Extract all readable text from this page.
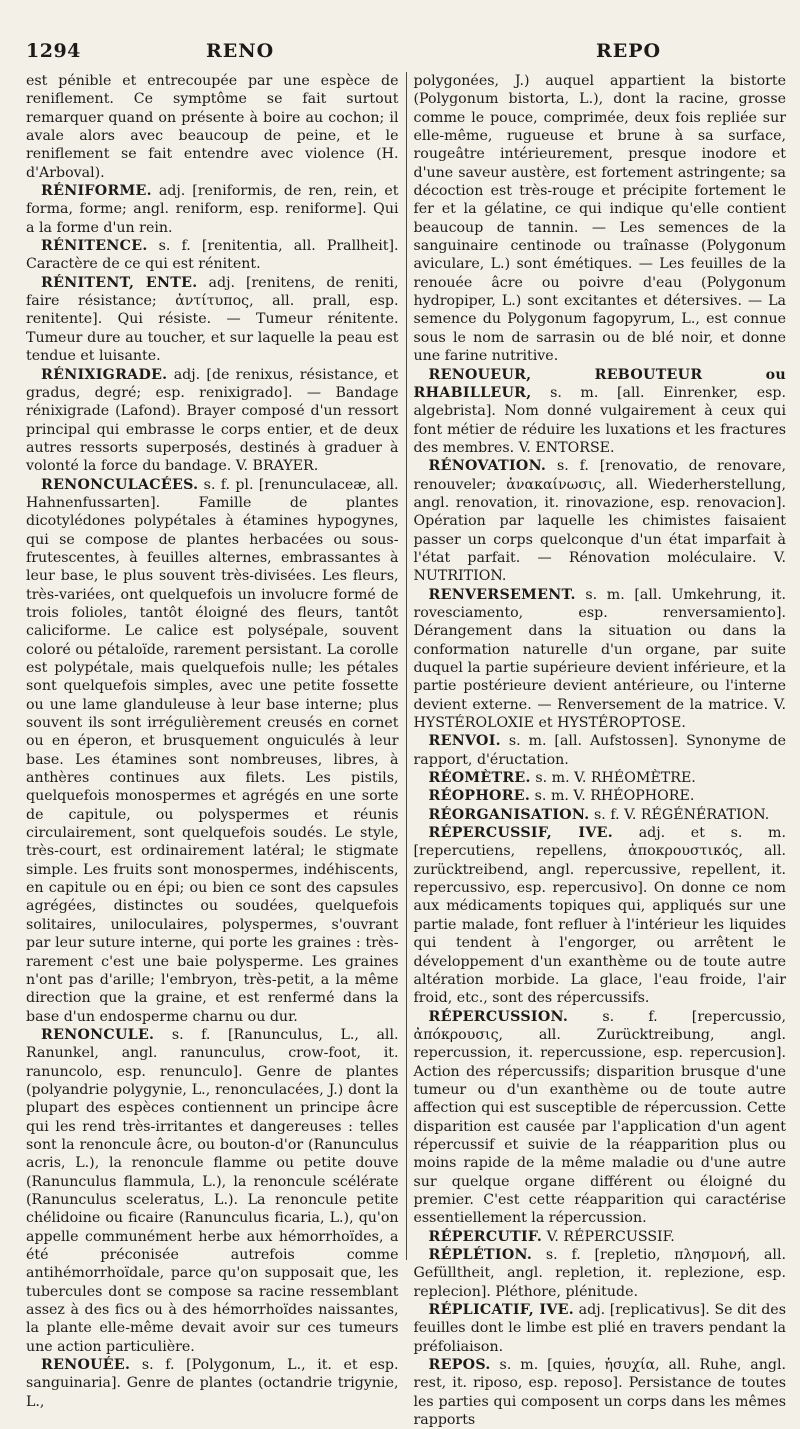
1294	RENO	REPO

est pénible et entrecoupée par une espèce de reniflement. Ce symptôme se fait surtout remarquer quand on présente à boire au cochon; il avale alors avec beaucoup de peine, et le reniflement se fait entendre avec violence (H. d'Arboval).

RÉNIFORME. adj. [reniformis, de ren, rein, et forma, forme; angl. reniform, esp. reniforme]. Qui a la forme d'un rein.

RÉNITENCE. s. f. [renitentia, all. Prallheit]. Caractère de ce qui est rénitent.

RÉNITENT, ENTE. adj. [renitens, de reniti, faire résistance; ἀντίτυπος, all. prall, esp. renitente]. Qui résiste. — Tumeur rénitente. Tumeur dure au toucher, et sur laquelle la peau est tendue et luisante.

RÉNIXIGRADE. adj. [de renixus, résistance, et gradus, degré; esp. renixigrado]. — Bandage rénixigrade (Lafond). Brayer composé d'un ressort principal qui embrasse le corps entier, et de deux autres ressorts superposés, destinés à graduer à volonté la force du bandage. V. BRAYER.

RENONCULACÉES. s. f. pl. [renunculaceæ, all. Hahnenfussarten]. Famille de plantes dicotylédones polypétales à étamines hypogynes, qui se compose de plantes herbacées ou sous-frutescentes, à feuilles alternes, embrassantes à leur base, le plus souvent très-divisées. Les fleurs, très-variées, ont quelquefois un involucre formé de trois folioles, tantôt éloigné des fleurs, tantôt caliciforme. Le calice est polysépale, souvent coloré ou pétaloïde, rarement persistant. La corolle est polypétale, mais quelquefois nulle; les pétales sont quelquefois simples, avec une petite fossette ou une lame glanduleuse à leur base interne; plus souvent ils sont irrégulièrement creusés en cornet ou en éperon, et brusquement onguiculés à leur base. Les étamines sont nombreuses, libres, à anthères continues aux filets. Les pistils, quelquefois monospermes et agrégés en une sorte de capitule, ou polyspermes et réunis circulairement, sont quelquefois soudés. Le style, très-court, est ordinairement latéral; le stigmate simple. Les fruits sont monospermes, indéhiscents, en capitule ou en épi; ou bien ce sont des capsules agrégées, distinctes ou soudées, quelquefois solitaires, uniloculaires, polyspermes, s'ouvrant par leur suture interne, qui porte les graines : très-rarement c'est une baie polysperme. Les graines n'ont pas d'arille; l'embryon, très-petit, a la même direction que la graine, et est renfermé dans la base d'un endosperme charnu ou dur.

RENONCULE. s. f. [Ranunculus, L., all. Ranunkel, angl. ranunculus, crow-foot, it. ranuncolo, esp. renunculo]. Genre de plantes (polyandrie polygynie, L., renonculacées, J.) dont la plupart des espèces contiennent un principe âcre qui les rend très-irritantes et dangereuses : telles sont la renoncule âcre, ou bouton-d'or (Ranunculus acris, L.), la renoncule flamme ou petite douve (Ranunculus flammula, L.), la renoncule scélérate (Ranunculus sceleratus, L.). La renoncule petite chélidoine ou ficaire (Ranunculus ficaria, L.), qu'on appelle communément herbe aux hémorrhoïdes, a été préconisée autrefois comme antihémorrhoïdale, parce qu'on supposait que, les tubercules dont se compose sa racine ressemblant assez à des fics ou à des hémorrhoïdes naissantes, la plante elle-même devait avoir sur ces tumeurs une action particulière.

RENOUÉE. s. f. [Polygonum, L., it. et esp. sanguinaria]. Genre de plantes (octandrie trigynie, L.,

polygonées, J.) auquel appartient la bistorte (Polygonum bistorta, L.), dont la racine, grosse comme le pouce, comprimée, deux fois repliée sur elle-même, rugueuse et brune à sa surface, rougeâtre intérieurement, presque inodore et d'une saveur austère, est fortement astringente; sa décoction est très-rouge et précipite fortement le fer et la gélatine, ce qui indique qu'elle contient beaucoup de tannin. — Les semences de la sanguinaire centinode ou traînasse (Polygonum aviculare, L.) sont émétiques. — Les feuilles de la renouée âcre ou poivre d'eau (Polygonum hydropiper, L.) sont excitantes et détersives. — La semence du Polygonum fagopyrum, L., est connue sous le nom de sarrasin ou de blé noir, et donne une farine nutritive.

RENOUEUR, REBOUTEUR ou RHABILLEUR, s. m. [all. Einrenker, esp. algebrista]. Nom donné vulgairement à ceux qui font métier de réduire les luxations et les fractures des membres. V. ENTORSE.

RÉNOVATION. s. f. [renovatio, de renovare, renouveler; ἀνακαίνωσις, all. Wiederherstellung, angl. renovation, it. rinovazione, esp. renovacion]. Opération par laquelle les chimistes faisaient passer un corps quelconque d'un état imparfait à l'état parfait. — Rénovation moléculaire. V. NUTRITION.

RENVERSEMENT. s. m. [all. Umkehrung, it. rovesciamento, esp. renversamiento]. Dérangement dans la situation ou dans la conformation naturelle d'un organe, par suite duquel la partie supérieure devient inférieure, et la partie postérieure devient antérieure, ou l'interne devient externe. — Renversement de la matrice. V. HYSTÉROLOXIE et HYSTÉROPTOSE.

RENVOI. s. m. [all. Aufstossen]. Synonyme de rapport, d'éructation.

RÉOMÈTRE. s. m. V. RHÉOMÈTRE.

RÉOPHORE. s. m. V. RHÉOPHORE.

RÉORGANISATION. s. f. V. RÉGÉNÉRATION.

RÉPERCUSSIF, IVE. adj. et s. m. [repercutiens, repellens, ἀποκρουστικός, all. zurücktreibend, angl. repercussive, repellent, it. repercussivo, esp. repercusivo]. On donne ce nom aux médicaments topiques qui, appliqués sur une partie malade, font refluer à l'intérieur les liquides qui tendent à l'engorger, ou arrêtent le développement d'un exanthème ou de toute autre altération morbide. La glace, l'eau froide, l'air froid, etc., sont des répercussifs.

RÉPERCUSSION. s. f. [repercussio, ἀπόκρουσις, all. Zurücktreibung, angl. repercussion, it. repercussione, esp. repercusion]. Action des répercussifs; disparition brusque d'une tumeur ou d'un exanthème ou de toute autre affection qui est susceptible de répercussion. Cette disparition est causée par l'application d'un agent répercussif et suivie de la réapparition plus ou moins rapide de la même maladie ou d'une autre sur quelque organe différent ou éloigné du premier. C'est cette réapparition qui caractérise essentiellement la répercussion.

RÉPERCUTIF. V. RÉPERCUSSIF.

RÉPLÉTION. s. f. [repletio, πλησμονή, all. Gefülltheit, angl. repletion, it. replezione, esp. replecion]. Pléthore, plénitude.

RÉPLICATIF, IVE. adj. [replicativus]. Se dit des feuilles dont le limbe est plié en travers pendant la préfoliaison.

REPOS. s. m. [quies, ἡσυχία, all. Ruhe, angl. rest, it. riposo, esp. reposo]. Persistance de toutes les parties qui composent un corps dans les mêmes rapports
